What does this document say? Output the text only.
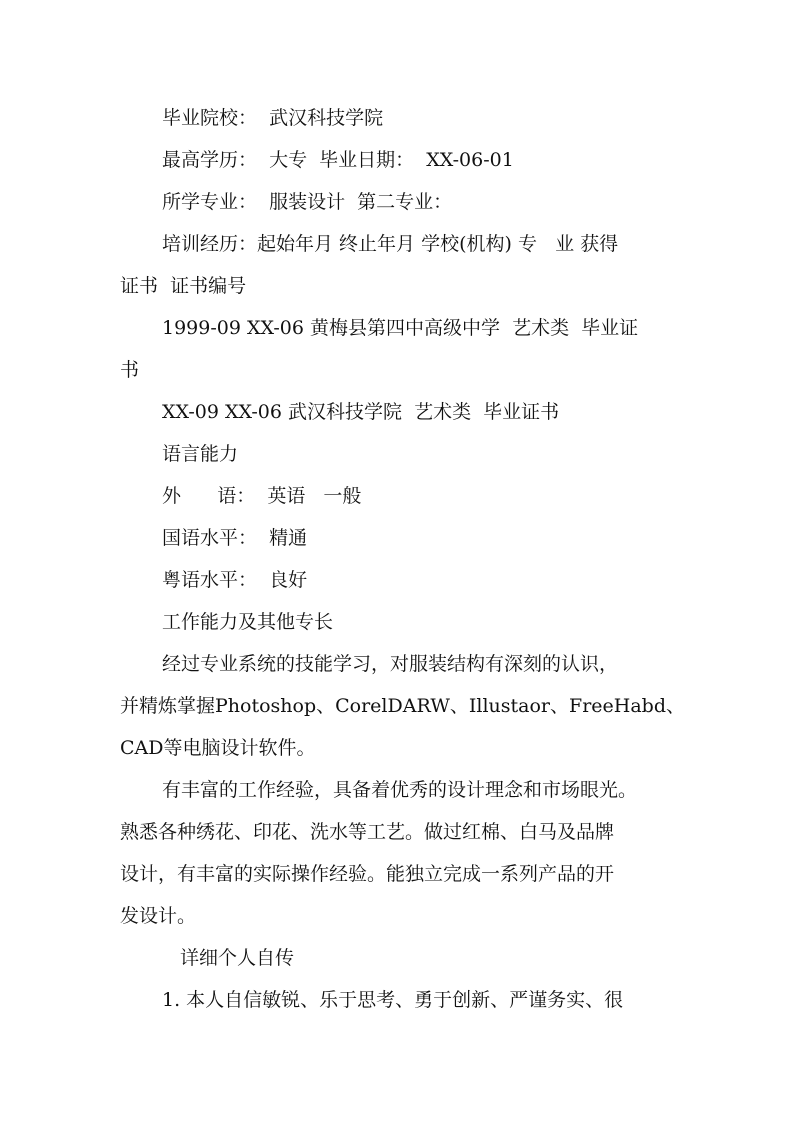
毕业院校：  武汉科技学院
最高学历：  大专  毕业日期：  XX-06-01
所学专业：  服装设计  第二专业：
培训经历：起始年月 终止年月 学校(机构) 专   业 获得
证书  证书编号
1999-09 XX-06 黄梅县第四中高级中学  艺术类  毕业证
书
XX-09 XX-06 武汉科技学院  艺术类  毕业证书
语言能力
外      语：  英语   一般
国语水平：  精通
粤语水平：  良好
工作能力及其他专长
经过专业系统的技能学习，对服装结构有深刻的认识，
并精炼掌握Photoshop、CorelDARW、Illustaor、FreeHabd、
CAD等电脑设计软件。
有丰富的工作经验，具备着优秀的设计理念和市场眼光。
熟悉各种绣花、印花、洗水等工艺。做过红棉、白马及品牌
设计，有丰富的实际操作经验。能独立完成一系列产品的开
发设计。
详细个人自传
1. 本人自信敏锐、乐于思考、勇于创新、严谨务实、很
